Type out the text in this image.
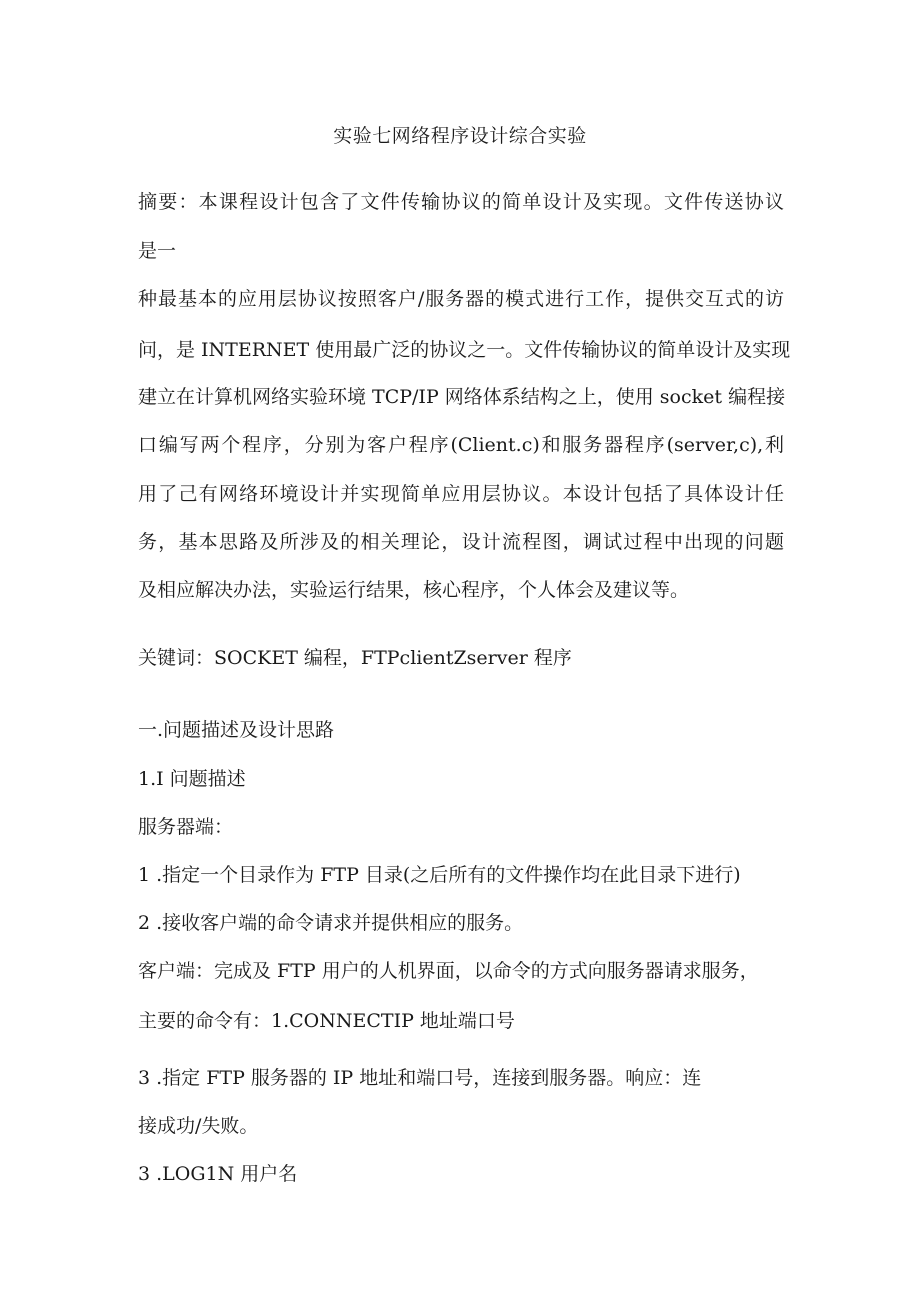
实验七网络程序设计综合实验
摘要：本课程设计包含了文件传输协议的简单设计及实现。文件传送协议
是一
种最基本的应用层协议按照客户/服务器的模式进行工作，提供交互式的访
问，是 INTERNET 使用最广泛的协议之一。文件传输协议的简单设计及实现
建立在计算机网络实验环境 TCP/IP 网络体系结构之上，使用 socket 编程接
口编写两个程序，分别为客户程序(Client.c)和服务器程序(server,c),利
用了己有网络环境设计并实现简单应用层协议。本设计包括了具体设计任
务，基本思路及所涉及的相关理论，设计流程图，调试过程中出现的问题
及相应解决办法，实验运行结果，核心程序，个人体会及建议等。
关键词：SOCKET 编程，FTPclientZserver 程序
一.问题描述及设计思路
1.I 问题描述
服务器端：
1 .指定一个目录作为 FTP 目录(之后所有的文件操作均在此目录下进行)
2 .接收客户端的命令请求并提供相应的服务。
客户端：完成及 FTP 用户的人机界面，以命令的方式向服务器请求服务，
主要的命令有：1.CONNECTIP 地址端口号
3 .指定 FTP 服务器的 IP 地址和端口号，连接到服务器。响应：连
接成功/失败。
3 .LOG1N 用户名
